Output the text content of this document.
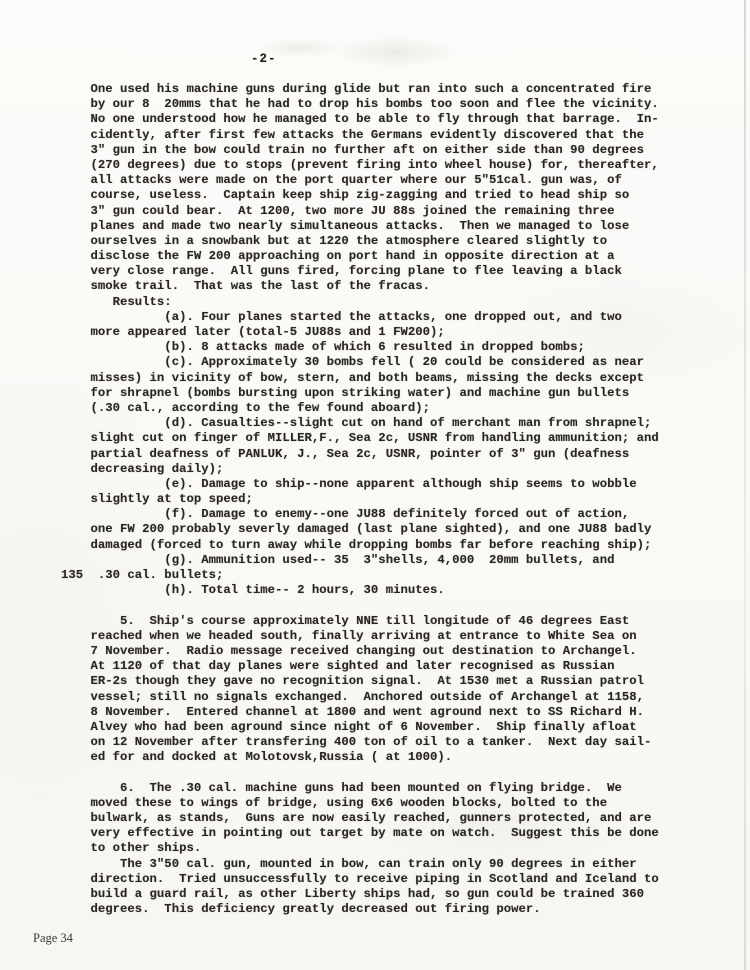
-2-
One used his machine guns during glide but ran into such a concentrated fire
by our 8  20mms that he had to drop his bombs too soon and flee the vicinity.
No one understood how he managed to be able to fly through that barrage.  In-
cidently, after first few attacks the Germans evidently discovered that the
3" gun in the bow could train no further aft on either side than 90 degrees
(270 degrees) due to stops (prevent firing into wheel house) for, thereafter,
all attacks were made on the port quarter where our 5"51cal. gun was, of
course, useless.  Captain keep ship zig-zagging and tried to head ship so
3" gun could bear.  At 1200, two more JU 88s joined the remaining three
planes and made two nearly simultaneous attacks.  Then we managed to lose
ourselves in a snowbank but at 1220 the atmosphere cleared slightly to
disclose the FW 200 approaching on port hand in opposite direction at a
very close range.  All guns fired, forcing plane to flee leaving a black
smoke trail.  That was the last of the fracas.
Results:
(a). Four planes started the attacks, one dropped out, and two
more appeared later (total-5 JU88s and 1 FW200);
(b). 8 attacks made of which 6 resulted in dropped bombs;
(c). Approximately 30 bombs fell ( 20 could be considered as near
misses) in vicinity of bow, stern, and both beams, missing the decks except
for shrapnel (bombs bursting upon striking water) and machine gun bullets
(.30 cal., according to the few found aboard);
(d). Casualties--slight cut on hand of merchant man from shrapnel;
slight cut on finger of MILLER,F., Sea 2c, USNR from handling ammunition; and
partial deafness of PANLUK, J., Sea 2c, USNR, pointer of 3" gun (deafness
decreasing daily);
(e). Damage to ship--none apparent although ship seems to wobble
slightly at top speed;
(f). Damage to enemy--one JU88 definitely forced out of action,
one FW 200 probably severly damaged (last plane sighted), and one JU88 badly
damaged (forced to turn away while dropping bombs far before reaching ship);
(g). Ammunition used-- 35  3"shells, 4,000  20mm bullets, and
135  .30 cal. bullets;
(h). Total time-- 2 hours, 30 minutes.
5.  Ship's course approximately NNE till longitude of 46 degrees East
reached when we headed south, finally arriving at entrance to White Sea on
7 November.  Radio message received changing out destination to Archangel.
At 1120 of that day planes were sighted and later recognised as Russian
ER-2s though they gave no recognition signal.  At 1530 met a Russian patrol
vessel; still no signals exchanged.  Anchored outside of Archangel at 1158,
8 November.  Entered channel at 1800 and went aground next to SS Richard H.
Alvey who had been aground since night of 6 November.  Ship finally afloat
on 12 November after transfering 400 ton of oil to a tanker.  Next day sail-
ed for and docked at Molotovsk,Russia ( at 1000).
6.  The .30 cal. machine guns had been mounted on flying bridge.  We
moved these to wings of bridge, using 6x6 wooden blocks, bolted to the
bulwark, as stands,  Guns are now easily reached, gunners protected, and are
very effective in pointing out target by mate on watch.  Suggest this be done
to other ships.
The 3"50 cal. gun, mounted in bow, can train only 90 degrees in either
direction.  Tried unsuccessfully to receive piping in Scotland and Iceland to
build a guard rail, as other Liberty ships had, so gun could be trained 360
degrees.  This deficiency greatly decreased out firing power.
Page 34
